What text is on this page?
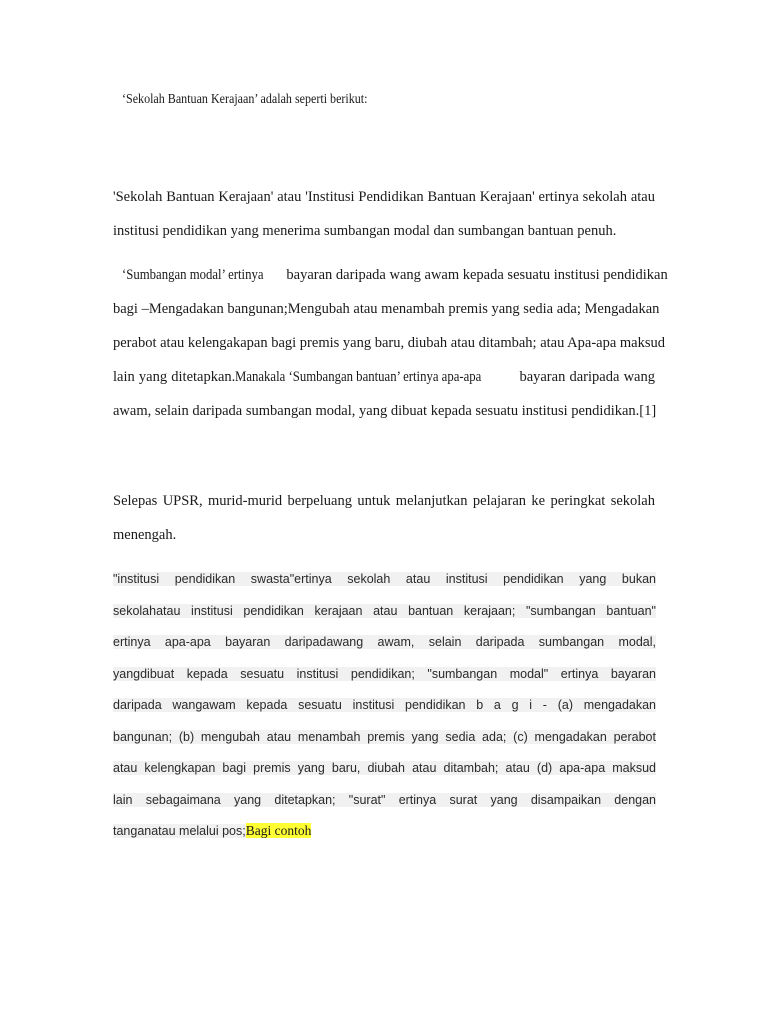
‘Sekolah Bantuan Kerajaan’ adalah seperti berikut:
'Sekolah Bantuan Kerajaan' atau 'Institusi Pendidikan Bantuan Kerajaan' ertinya sekolah atau
institusi pendidikan yang menerima sumbangan modal dan sumbangan bantuan penuh.
‘Sumbangan modal’ ertinya bayaran daripada wang awam kepada sesuatu institusi pendidikan
bagi –Mengadakan bangunan;Mengubah atau menambah premis yang sedia ada; Mengadakan
perabot atau kelengakapan bagi premis yang baru, diubah atau ditambah; atau Apa-apa maksud
lain yang ditetapkan.Manakala ‘Sumbangan bantuan’ ertinya apa-apa	bayaran daripada wang
awam, selain daripada sumbangan modal, yang dibuat kepada sesuatu institusi pendidikan.[1]
Selepas UPSR, murid-murid berpeluang untuk melanjutkan pelajaran ke peringkat sekolah
menengah.
"institusi pendidikan swasta"ertinya sekolah atau institusi pendidikan yang bukan
sekolahatau institusi pendidikan kerajaan atau bantuan kerajaan; "sumbangan bantuan"
ertinya apa-apa bayaran daripadawang awam, selain daripada sumbangan modal,
yangdibuat kepada sesuatu institusi pendidikan; "sumbangan modal" ertinya bayaran
daripada wangawam kepada sesuatu institusi pendidikan b a g i - (a) mengadakan
bangunan; (b) mengubah atau menambah premis yang sedia ada; (c) mengadakan perabot
atau kelengkapan bagi premis yang baru, diubah atau ditambah; atau (d) apa-apa maksud
lain sebagaimana yang ditetapkan; "surat" ertinya surat yang disampaikan dengan
tanganatau melalui pos;Bagi contoh
